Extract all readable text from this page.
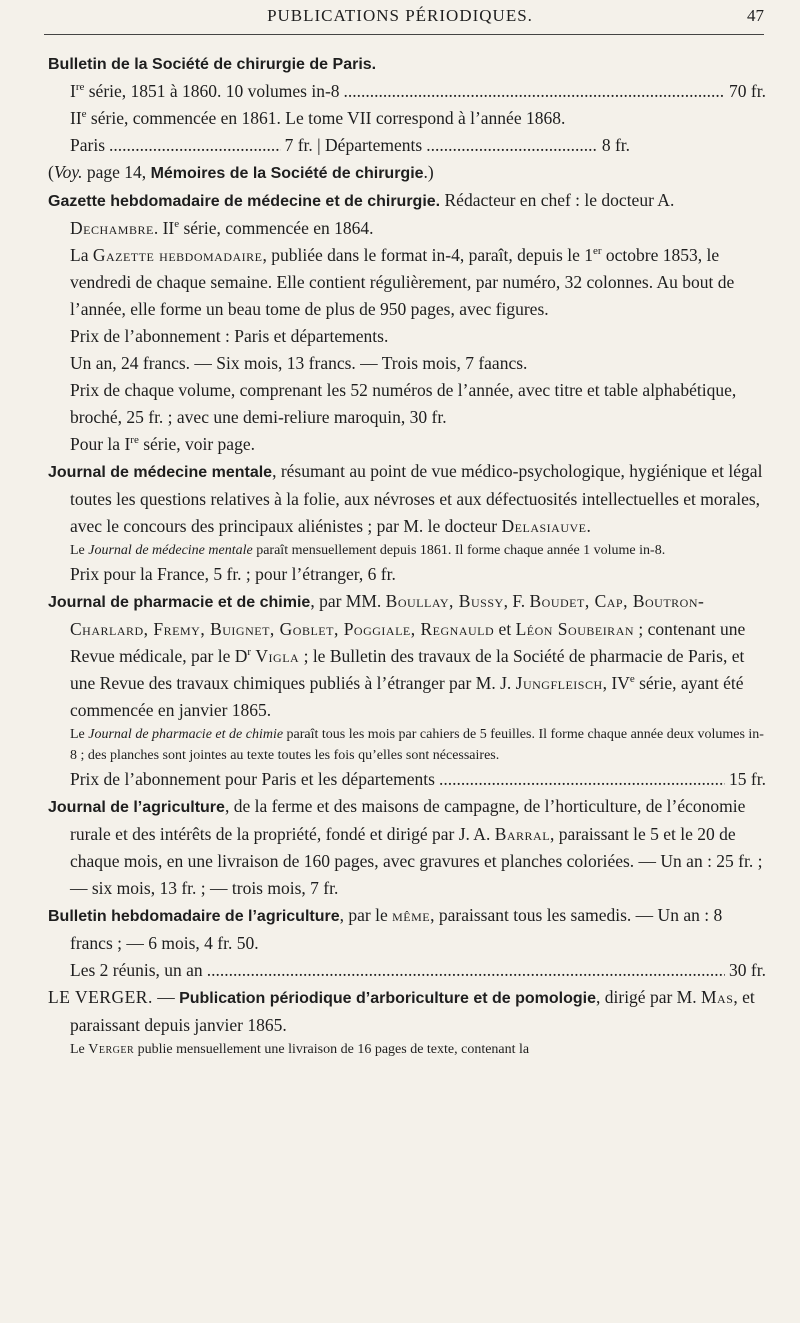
PUBLICATIONS PÉRIODIQUES.	47

Bulletin de la Société de chirurgie de Paris.

Ire série, 1851 à 1860. 10 volumes in-8 .....	70 fr.

IIe série, commencée en 1861. Le tome VII correspond à l’année 1868.

Paris .....	7 fr. | Départements .....	8 fr.

(Voy. page 14, Mémoires de la Société de chirurgie.)

Gazette hebdomadaire de médecine et de chirurgie. Rédacteur en chef : le docteur A. Dechambre. IIe série, commencée en 1864.

La Gazette hebdomadaire, publiée dans le format in-4, paraît, depuis le 1er octobre 1853, le vendredi de chaque semaine. Elle contient régulièrement, par numéro, 32 colonnes. Au bout de l’année, elle forme un beau tome de plus de 950 pages, avec figures.

Prix de l’abonnement : Paris et départements.

Un an, 24 francs. — Six mois, 13 francs. — Trois mois, 7 faancs.

Prix de chaque volume, comprenant les 52 numéros de l’année, avec titre et table alphabétique, broché, 25 fr. ; avec une demi-reliure maroquin, 30 fr.

Pour la Ire série, voir page.

Journal de médecine mentale, résumant au point de vue médico-psychologique, hygiénique et légal toutes les questions relatives à la folie, aux névroses et aux défectuosités intellectuelles et morales, avec le concours des principaux aliénistes ; par M. le docteur Delasiauve.

Le Journal de médecine mentale paraît mensuellement depuis 1861. Il forme chaque année 1 volume in-8.

Prix pour la France, 5 fr. ; pour l’étranger, 6 fr.

Journal de pharmacie et de chimie, par MM. Boullay, Bussy, F. Boudet, Cap, Boutron-Charlard, Fremy, Buignet, Goblet, Poggiale, Regnauld et Léon Soubeiran ; contenant une Revue médicale, par le $D^r$ Vigla ; le Bulletin des travaux de la Société de pharmacie de Paris, et une Revue des travaux chimiques publiés à l’étranger par M. J. Jungfleisch, IVe série, ayant été commencée en janvier 1865.

Le Journal de pharmacie et de chimie paraît tous les mois par cahiers de 5 feuilles. Il forme chaque année deux volumes in-8 ; des planches sont jointes au texte toutes les fois qu’elles sont nécessaires.

Prix de l’abonnement pour Paris et les départements .....	15 fr.

Journal de l’agriculture, de la ferme et des maisons de campagne, de l’horticulture, de l’économie rurale et des intérêts de la propriété, fondé et dirigé par J. A. Barral, paraissant le 5 et le 20 de chaque mois, en une livraison de 160 pages, avec gravures et planches coloriées. — Un an : 25 fr. ; — six mois, 13 fr. ; — trois mois, 7 fr.

Bulletin hebdomadaire de l’agriculture, par le même, paraissant tous les samedis. — Un an : 8 francs ; — 6 mois, 4 fr. 50.

Les 2 réunis, un an .....	30 fr.

LE VERGER. — Publication périodique d’arboriculture et de pomologie, dirigé par M. Mas, et paraissant depuis janvier 1865.

Le Verger publie mensuellement une livraison de 16 pages de texte, contenant la
